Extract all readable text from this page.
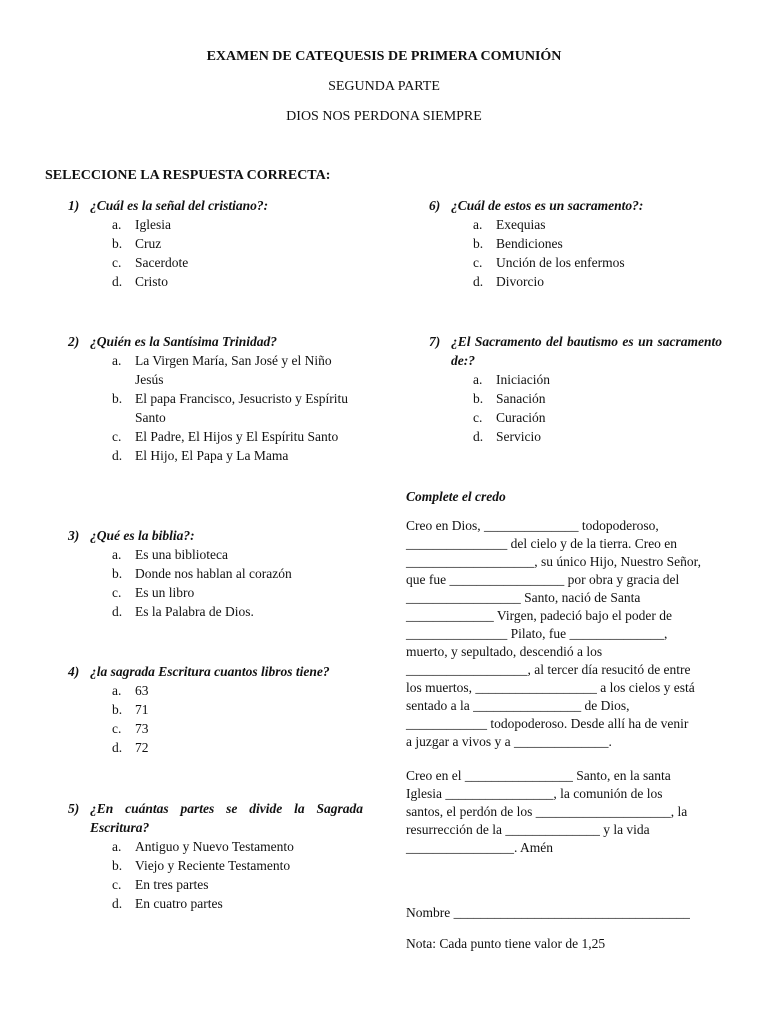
EXAMEN DE CATEQUESIS DE PRIMERA COMUNIÓN
SEGUNDA PARTE
DIOS NOS PERDONA SIEMPRE
SELECCIONE LA RESPUESTA CORRECTA:
1) ¿Cuál es la señal del cristiano?:
a. Iglesia
b. Cruz
c. Sacerdote
d. Cristo
2) ¿Quién es la Santísima Trinidad?
a. La Virgen María, San José y el Niño Jesús
b. El papa Francisco, Jesucristo y Espíritu Santo
c. El Padre, El Hijos y El Espíritu Santo
d. El Hijo, El Papa y La Mama
3) ¿Qué es la biblia?:
a. Es una biblioteca
b. Donde nos hablan al corazón
c. Es un libro
d. Es la Palabra de Dios.
4) ¿la sagrada Escritura cuantos libros tiene?
a. 63
b. 71
c. 73
d. 72
5) ¿En cuántas partes se divide la Sagrada Escritura?
a. Antiguo y Nuevo Testamento
b. Viejo y Reciente Testamento
c. En tres partes
d. En cuatro partes
6) ¿Cuál de estos es un sacramento?:
a. Exequias
b. Bendiciones
c. Unción de los enfermos
d. Divorcio
7) ¿El Sacramento del bautismo es un sacramento de:?
a. Iniciación
b. Sanación
c. Curación
d. Servicio
Complete el credo
Creo en Dios, ______________ todopoderoso,
_______________ del cielo y de la tierra. Creo en
___________________, su único Hijo, Nuestro Señor,
que fue _________________ por obra y gracia del
_________________ Santo, nació de Santa
_____________ Virgen, padeció bajo el poder de
_______________ Pilato, fue ______________,
muerto, y sepultado, descendió a los
__________________, al tercer día resucitó de entre
los muertos, __________________ a los cielos y está
sentado a la ________________ de Dios,
____________ todopoderoso. Desde allí ha de venir
a juzgar a vivos y a ______________.
Creo en el ________________ Santo, en la santa
Iglesia ________________, la comunión de los
santos, el perdón de los ____________________, la
resurrección de la ______________ y la vida
________________. Amén
Nombre ___________________________________
Nota: Cada punto tiene valor de 1,25
